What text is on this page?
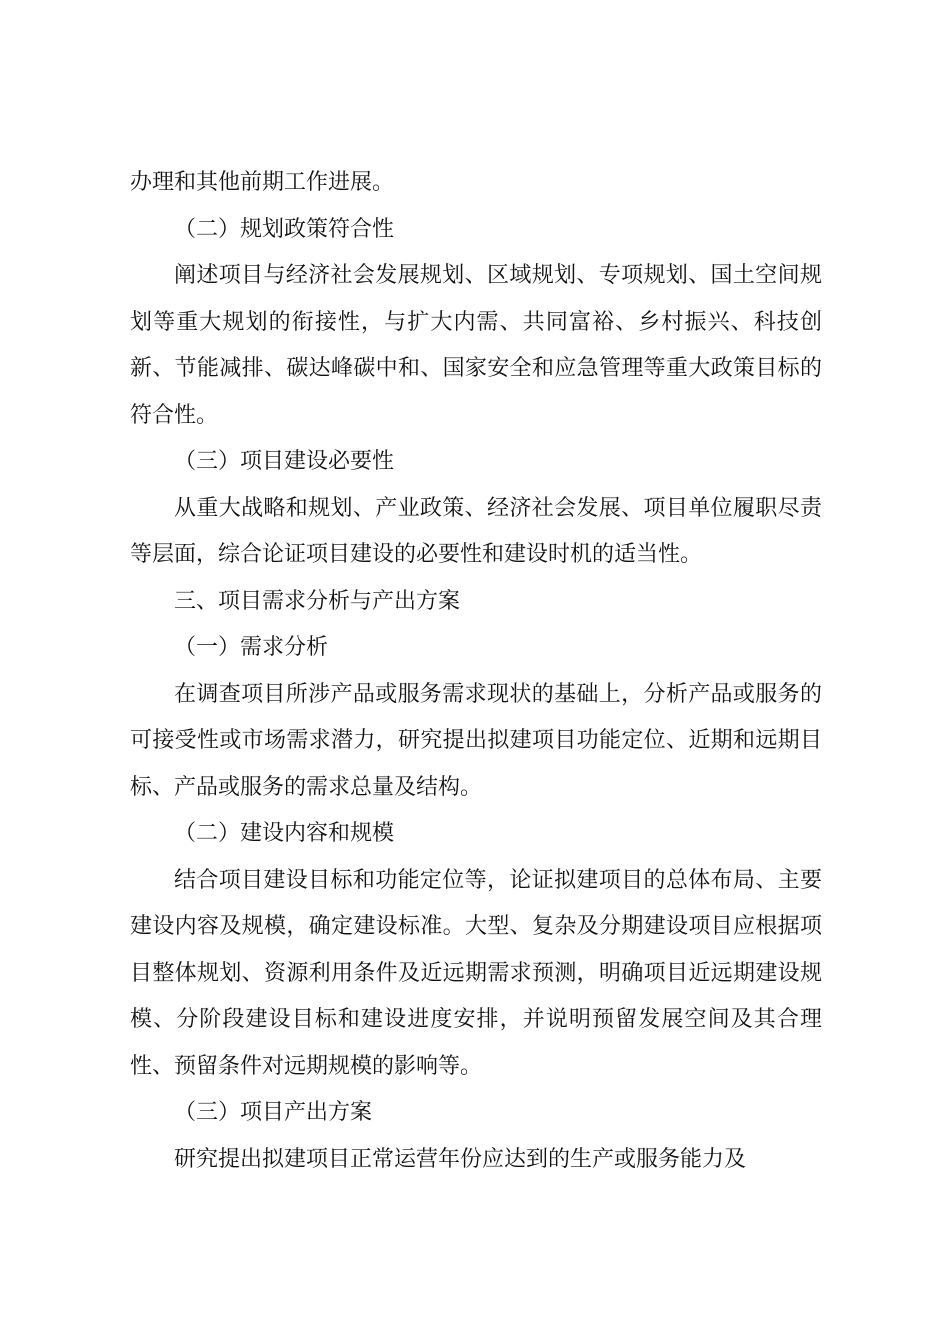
办理和其他前期工作进展。

（二）规划政策符合性

阐述项目与经济社会发展规划、区域规划、专项规划、国土空间规划等重大规划的衔接性，与扩大内需、共同富裕、乡村振兴、科技创新、节能减排、碳达峰碳中和、国家安全和应急管理等重大政策目标的符合性。

（三）项目建设必要性

从重大战略和规划、产业政策、经济社会发展、项目单位履职尽责等层面，综合论证项目建设的必要性和建设时机的适当性。

三、项目需求分析与产出方案

（一）需求分析

在调查项目所涉产品或服务需求现状的基础上，分析产品或服务的可接受性或市场需求潜力，研究提出拟建项目功能定位、近期和远期目标、产品或服务的需求总量及结构。

（二）建设内容和规模

结合项目建设目标和功能定位等，论证拟建项目的总体布局、主要建设内容及规模，确定建设标准。大型、复杂及分期建设项目应根据项目整体规划、资源利用条件及近远期需求预测，明确项目近远期建设规模、分阶段建设目标和建设进度安排，并说明预留发展空间及其合理性、预留条件对远期规模的影响等。

（三）项目产出方案

研究提出拟建项目正常运营年份应达到的生产或服务能力及
